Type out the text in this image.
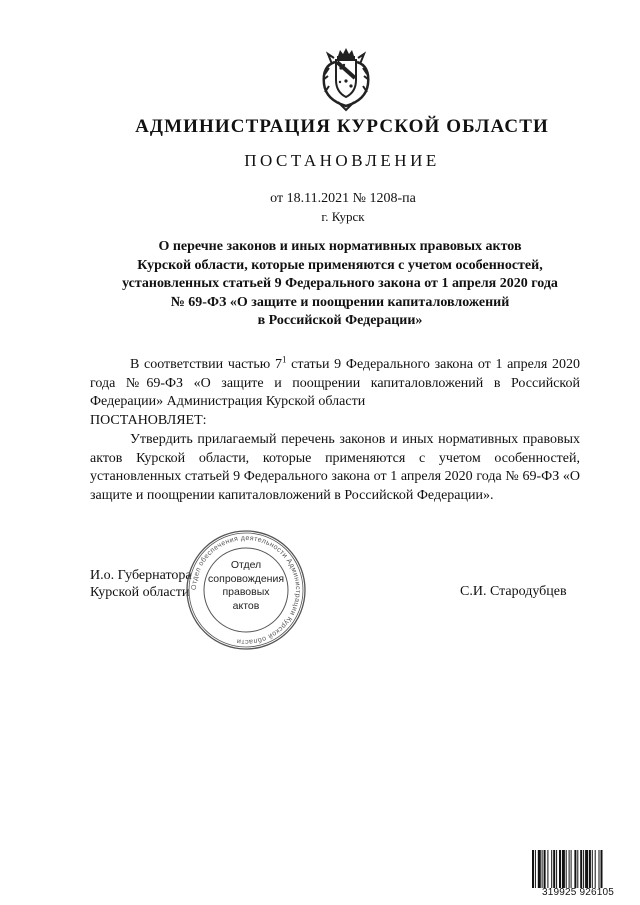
АДМИНИСТРАЦИЯ КУРСКОЙ ОБЛАСТИ
ПОСТАНОВЛЕНИЕ
от 18.11.2021 № 1208-па
г. Курск
О перечне законов и иных нормативных правовых актов
Курской области, которые применяются с учетом особенностей,
установленных статьей 9 Федерального закона от 1 апреля 2020 года
№ 69-ФЗ «О защите и поощрении капиталовложений
в Российской Федерации»
В соответствии частью $7^1$ статьи 9 Федерального закона от 1 апреля 2020 года №69-ФЗ «О защите и поощрении капиталовложений в Российской Федерации» Администрация Курской области
ПОСТАНОВЛЯЕТ:
Утвердить прилагаемый перечень законов и иных нормативных правовых актов Курской области, которые применяются с учетом особенностей, установленных статьей 9 Федерального закона от 1 апреля 2020 года № 69-ФЗ «О защите и поощрении капиталовложений в Российской Федерации».
И.о. Губернатора
Курской области	С.И. Стародубцев
Отдел обеспечения деятельности Администрации Курской области
Отдел
сопровождения
правовых
актов
319925 926105
